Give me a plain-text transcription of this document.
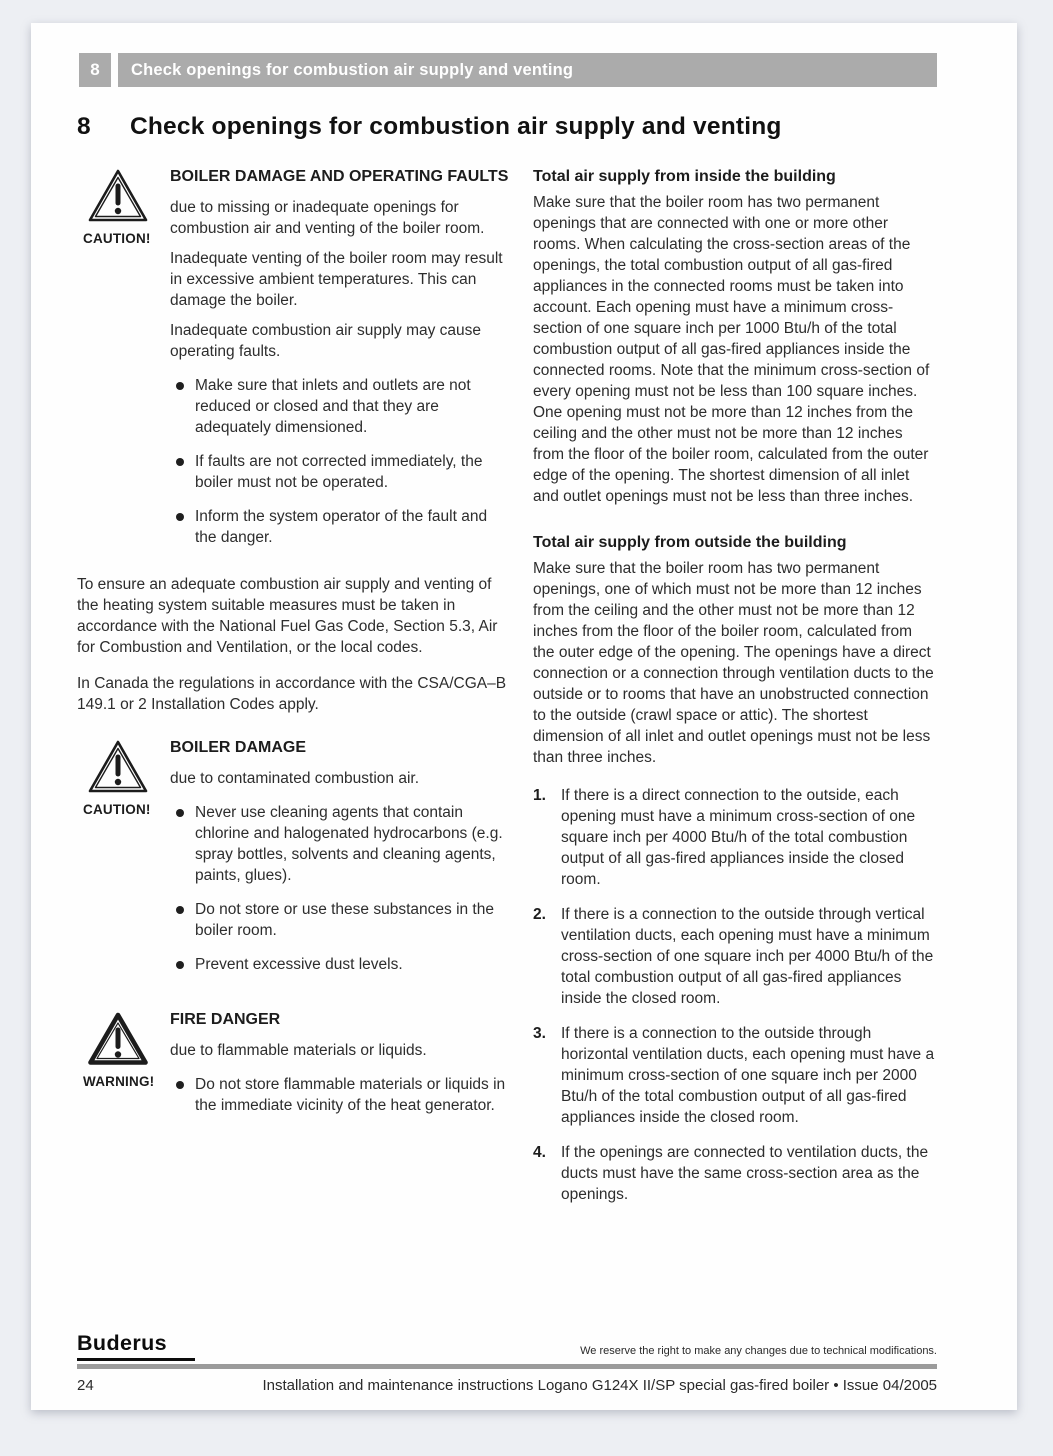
8	Check openings for combustion air supply and venting
8	Check openings for combustion air supply and venting
CAUTION!
BOILER DAMAGE AND OPERATING FAULTS

due to missing or inadequate openings for combustion air and venting of the boiler room.

Inadequate venting of the boiler room may result in excessive ambient temperatures. This can damage the boiler.

Inadequate combustion air supply may cause operating faults.

Make sure that inlets and outlets are not reduced or closed and that they are adequately dimensioned.
If faults are not corrected immediately, the boiler must not be operated.
Inform the system operator of the fault and the danger.

To ensure an adequate combustion air supply and venting of the heating system suitable measures must be taken in accordance with the National Fuel Gas Code, Section 5.3, Air for Combustion and Ventilation, or the local codes.

In Canada the regulations in accordance with the CSA/CGA–B 149.1 or 2 Installation Codes apply.

CAUTION!
BOILER DAMAGE

due to contaminated combustion air.

Never use cleaning agents that contain chlorine and halogenated hydrocarbons (e.g. spray bottles, solvents and cleaning agents, paints, glues).
Do not store or use these substances in the boiler room.
Prevent excessive dust levels.
WARNING!
FIRE DANGER

due to flammable materials or liquids.

Do not store flammable materials or liquids in the immediate vicinity of the heat generator.

Total air supply from inside the building

Make sure that the boiler room has two permanent openings that are connected with one or more other rooms. When calculating the cross-section areas of the openings, the total combustion output of all gas-fired appliances in the connected rooms must be taken into account. Each opening must have a minimum cross-section of one square inch per 1000 Btu/h of the total combustion output of all gas-fired appliances inside the connected rooms. Note that the minimum cross-section of every opening must not be less than 100 square inches. One opening must not be more than 12 inches from the ceiling and the other must not be more than 12 inches from the floor of the boiler room, calculated from the outer edge of the opening. The shortest dimension of all inlet and outlet openings must not be less than three inches.

Total air supply from outside the building

Make sure that the boiler room has two permanent openings, one of which must not be more than 12 inches from the ceiling and the other must not be more than 12 inches from the floor of the boiler room, calculated from the outer edge of the opening. The openings have a direct connection or a connection through ventilation ducts to the outside or to rooms that have an unobstructed connection to the outside (crawl space or attic). The shortest dimension of all inlet and outlet openings must not be less than three inches.

1. If there is a direct connection to the outside, each opening must have a minimum cross-section of one square inch per 4000 Btu/h of the total combustion output of all gas-fired appliances inside the closed room.
2. If there is a connection to the outside through vertical ventilation ducts, each opening must have a minimum cross-section of one square inch per 4000 Btu/h of the total combustion output of all gas-fired appliances inside the closed room.
3. If there is a connection to the outside through horizontal ventilation ducts, each opening must have a minimum cross-section of one square inch per 2000 Btu/h of the total combustion output of all gas-fired appliances inside the closed room.
4. If the openings are connected to ventilation ducts, the ducts must have the same cross-section area as the openings.
Buderus	We reserve the right to make any changes due to technical modifications.
24	Installation and maintenance instructions Logano G124X II/SP special gas-fired boiler • Issue 04/2005
